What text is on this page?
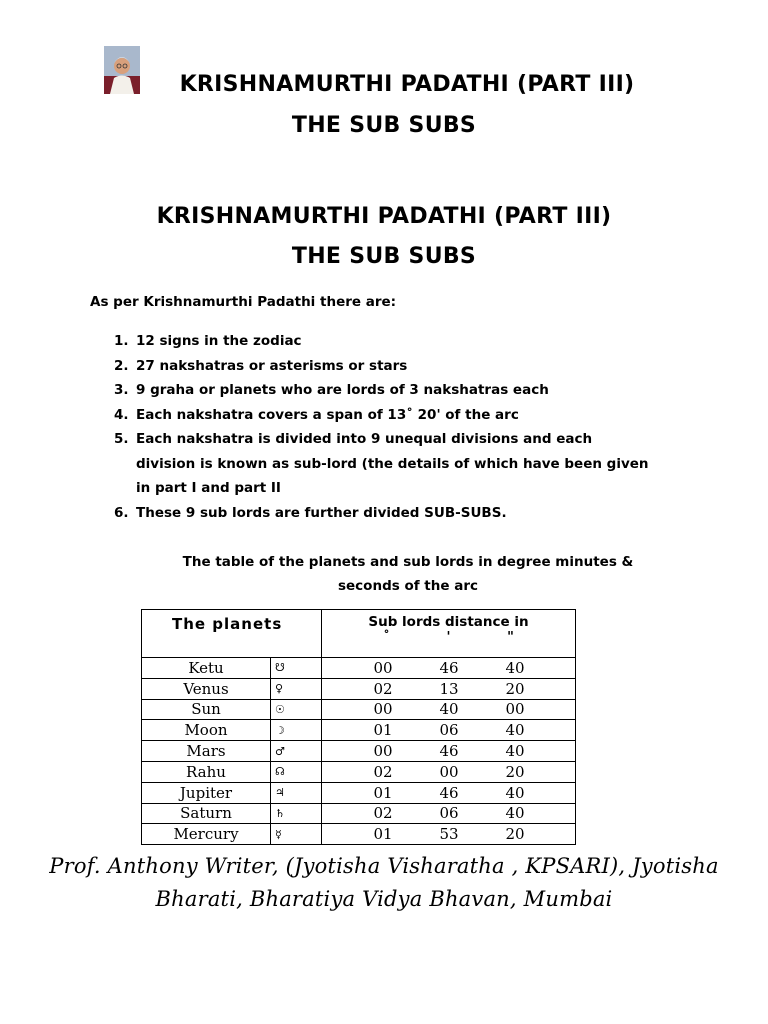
KRISHNAMURTHI PADATHI (PART III)
THE SUB SUBS
KRISHNAMURTHI PADATHI (PART III)
THE SUB SUBS
As per Krishnamurthi Padathi there are:
1. 12 signs in the zodiac
2. 27 nakshatras or asterisms or stars
3. 9 graha or planets who are lords of 3 nakshatras each
4. Each nakshatra covers a span of 13˚ 20' of the arc
5. Each nakshatra is divided into 9 unequal divisions and each division is known as sub-lord (the details of which have been given in part I and part II
6. These 9 sub lords are further divided SUB-SUBS.
The table of the planets and sub lords in degree minutes & seconds of the arc
The planets		Sub lords distance in
˚ ' "

Ketu	☋	00 46 40
Venus	♀	02 13 20
Sun	☉	00 40 00
Moon	☽	01 06 40
Mars	♂	00 46 40
Rahu	☊	02 00 20
Jupiter	♃	01 46 40
Saturn	♄	02 06 40
Mercury	☿	01 53 20
Prof. Anthony Writer, (Jyotisha Visharatha , KPSARI), Jyotisha
Bharati, Bharatiya Vidya Bhavan, Mumbai
